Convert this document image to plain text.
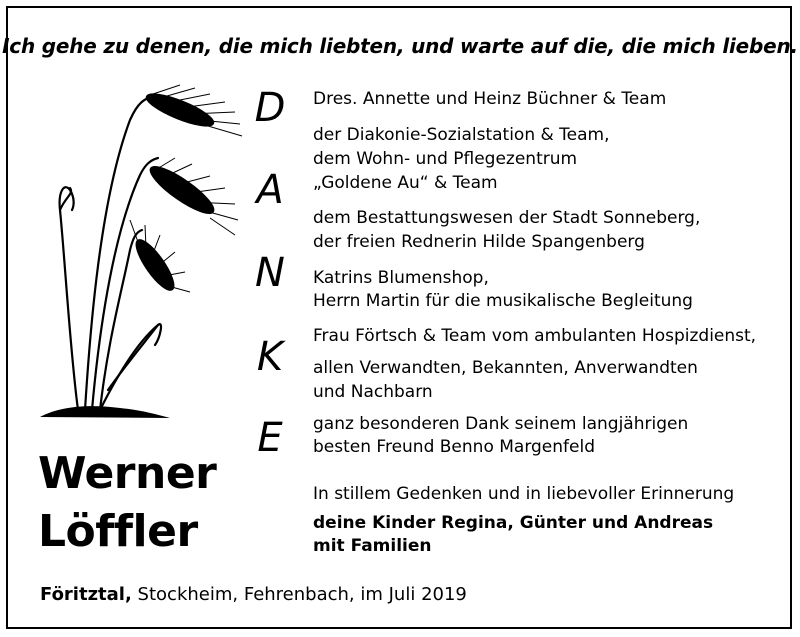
Ich gehe zu denen, die mich liebten, und warte auf die, die mich lieben.
D
A
N
K
E
Dres. Annette und Heinz Büchner & Team
der Diakonie-Sozialstation & Team,
dem Wohn- und Pflegezentrum
„Goldene Au“ & Team
dem Bestattungswesen der Stadt Sonneberg,
der freien Rednerin Hilde Spangenberg
Katrins Blumenshop,
Herrn Martin für die musikalische Begleitung
Frau Förtsch & Team vom ambulanten Hospizdienst,
allen Verwandten, Bekannten, Anverwandten
und Nachbarn
ganz besonderen Dank seinem langjährigen
besten Freund Benno Margenfeld
In stillem Gedenken und in liebevoller Erinnerung
deine Kinder Regina, Günter und Andreas
mit Familien
Werner
Löffler
Föritztal, Stockheim, Fehrenbach, im Juli 2019
